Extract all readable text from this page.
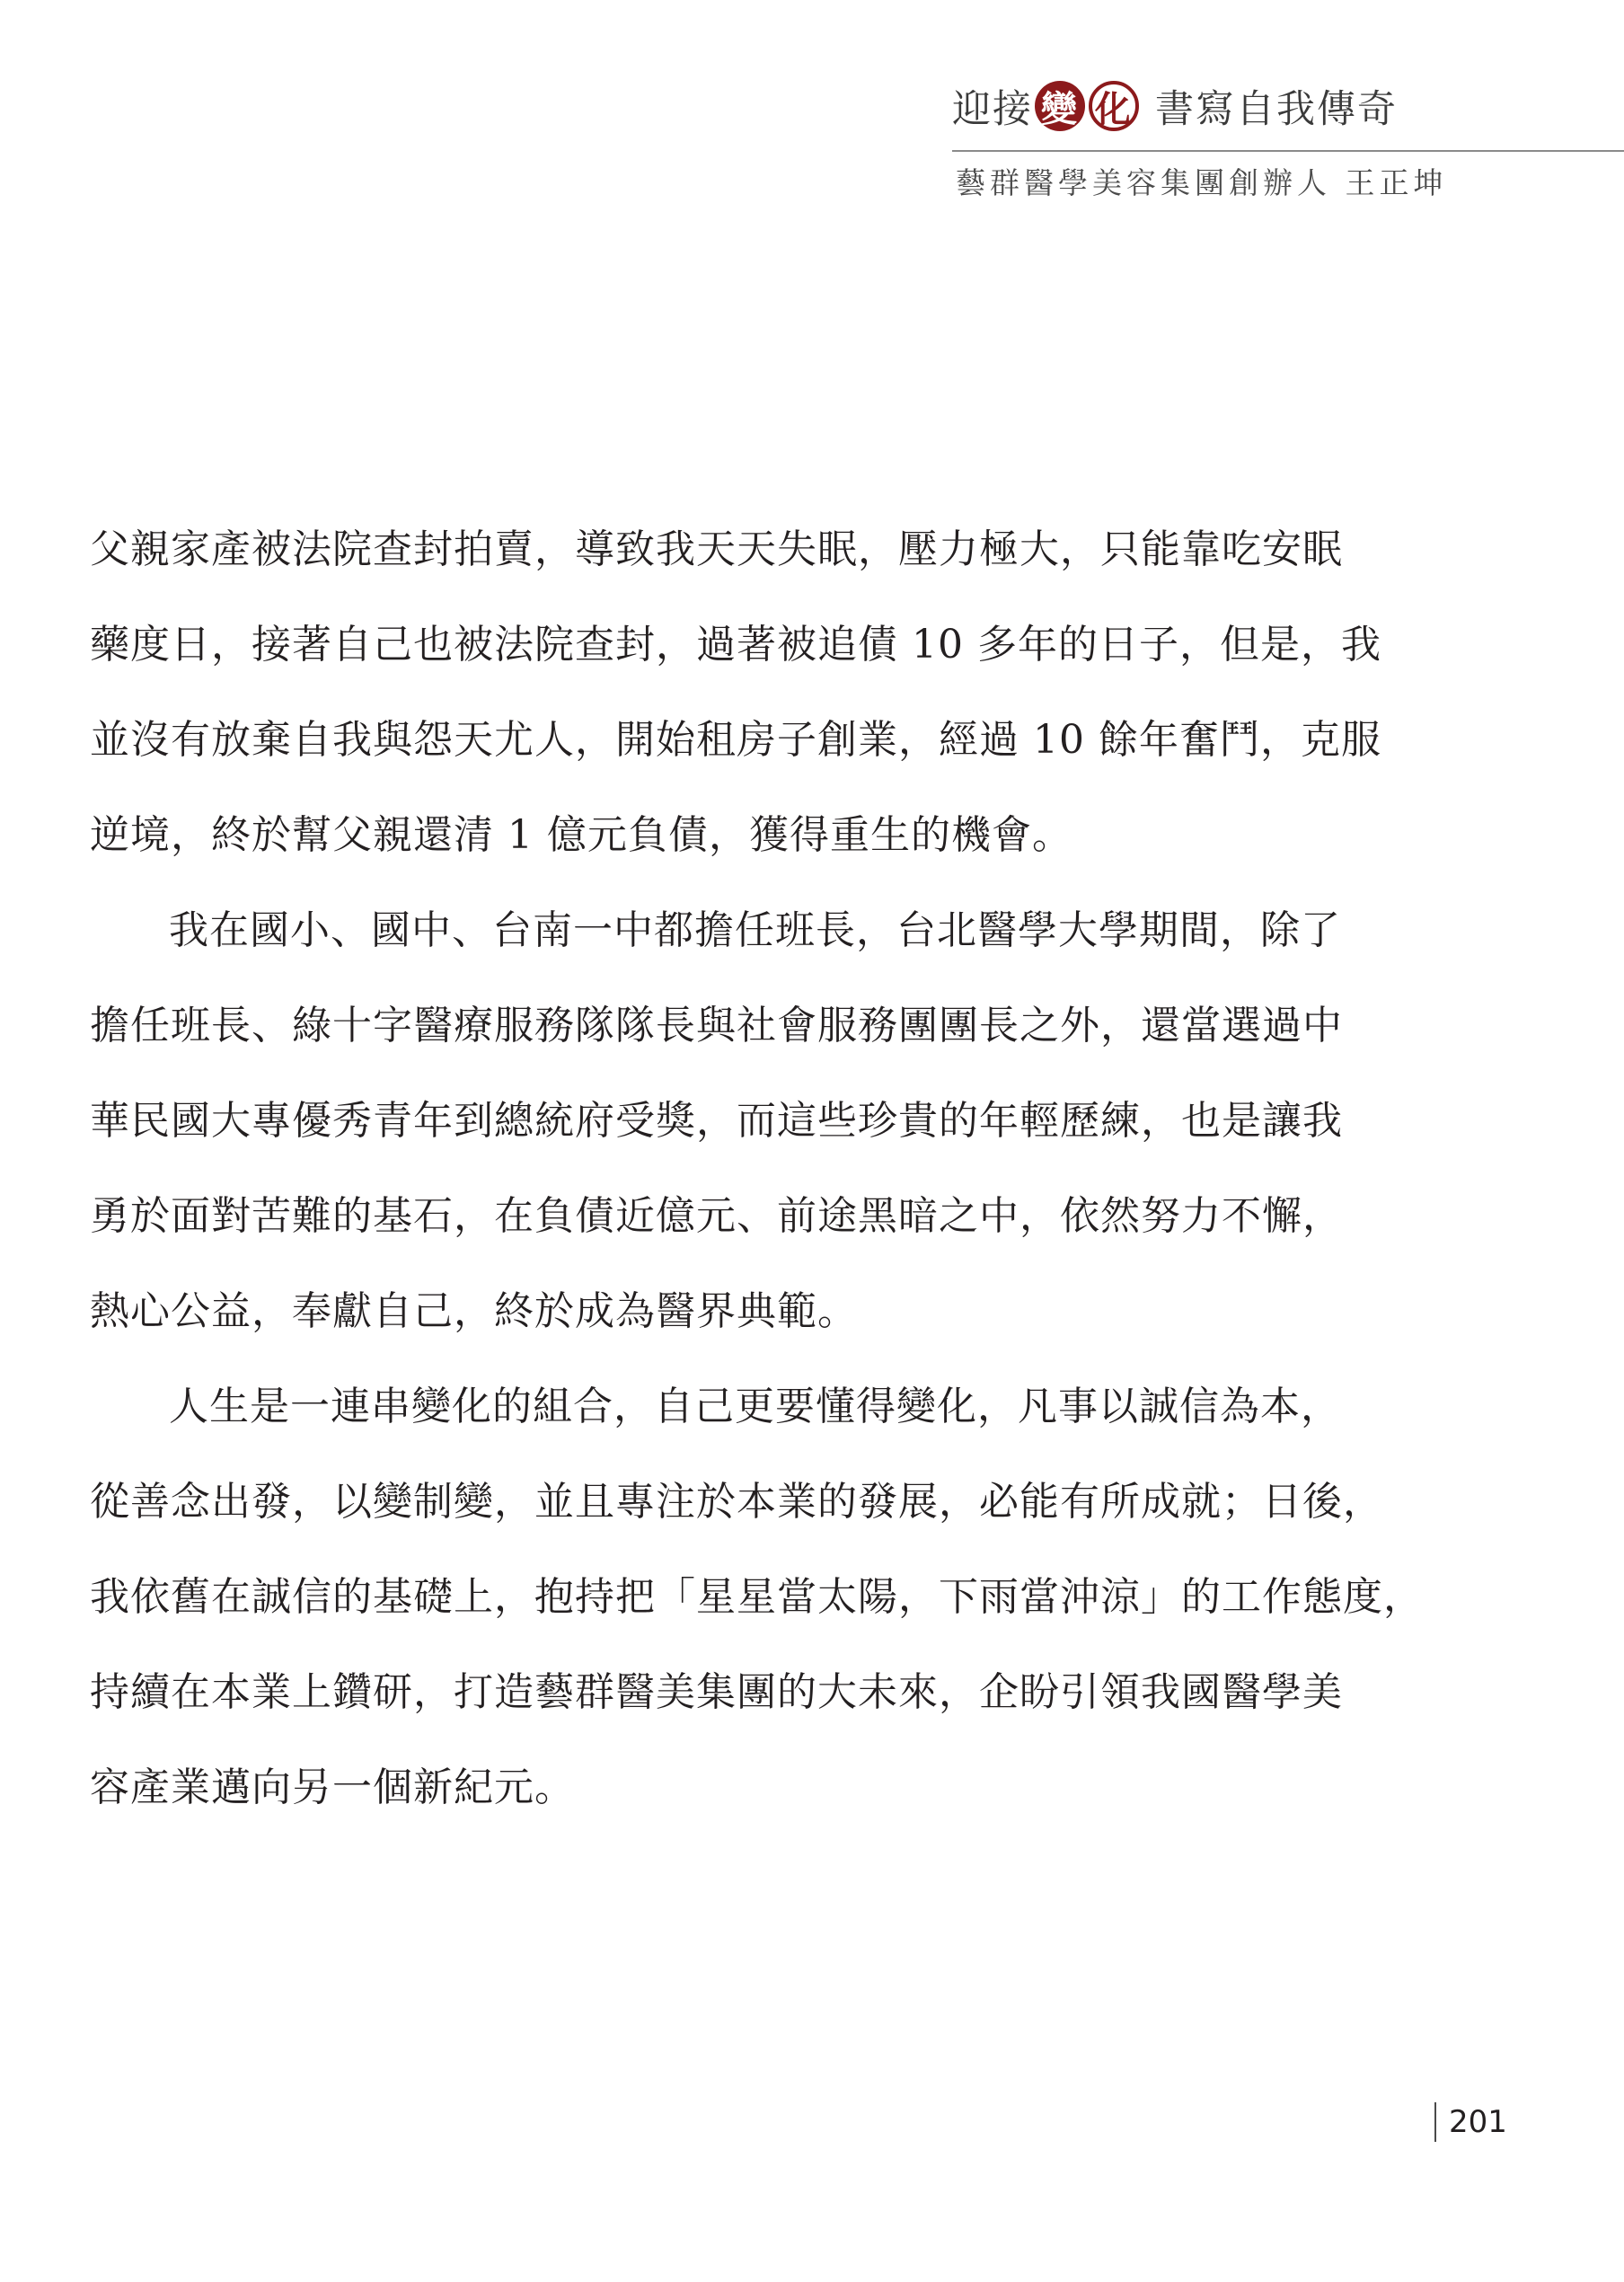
迎接 變 化 書寫自我傳奇
藝群醫學美容集團創辦人 王正坤
父親家產被法院查封拍賣，導致我天天失眠，壓力極大，只能靠吃安眠
藥度日，接著自己也被法院查封，過著被追債 10 多年的日子，但是，我
並沒有放棄自我與怨天尤人，開始租房子創業，經過 10 餘年奮鬥，克服
逆境，終於幫父親還清 1 億元負債，獲得重生的機會。
我在國小、國中、台南一中都擔任班長，台北醫學大學期間，除了
擔任班長、綠十字醫療服務隊隊長與社會服務團團長之外，還當選過中
華民國大專優秀青年到總統府受獎，而這些珍貴的年輕歷練，也是讓我
勇於面對苦難的基石，在負債近億元、前途黑暗之中，依然努力不懈，
熱心公益，奉獻自己，終於成為醫界典範。
人生是一連串變化的組合，自己更要懂得變化，凡事以誠信為本，
從善念出發，以變制變，並且專注於本業的發展，必能有所成就；日後，
我依舊在誠信的基礎上，抱持把「星星當太陽，下雨當沖涼」的工作態度，
持續在本業上鑽研，打造藝群醫美集團的大未來，企盼引領我國醫學美
容產業邁向另一個新紀元。
201
